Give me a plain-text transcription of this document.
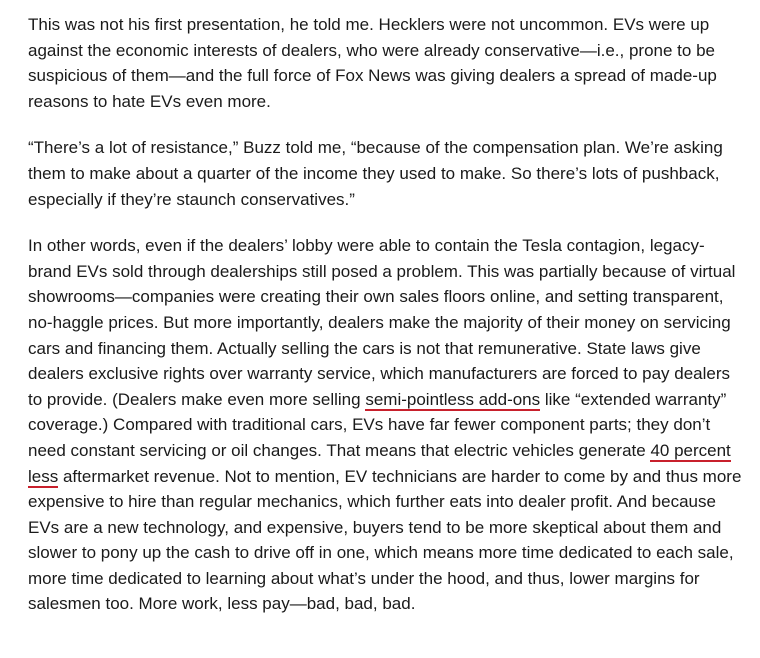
This was not his first presentation, he told me. Hecklers were not uncommon. EVs were up against the economic interests of dealers, who were already conservative—i.e., prone to be suspicious of them—and the full force of Fox News was giving dealers a spread of made-up reasons to hate EVs even more.

“There’s a lot of resistance,” Buzz told me, “because of the compensation plan. We’re asking them to make about a quarter of the income they used to make. So there’s lots of pushback, especially if they’re staunch conservatives.”

In other words, even if the dealers’ lobby were able to contain the Tesla contagion, legacy-brand EVs sold through dealerships still posed a problem. This was partially because of virtual showrooms—companies were creating their own sales floors online, and setting transparent, no-haggle prices. But more importantly, dealers make the majority of their money on servicing cars and financing them. Actually selling the cars is not that remunerative. State laws give dealers exclusive rights over warranty service, which manufacturers are forced to pay dealers to provide. (Dealers make even more selling semi-pointless add-ons like “extended warranty” coverage.) Compared with traditional cars, EVs have far fewer component parts; they don’t need constant servicing or oil changes. That means that electric vehicles generate 40 percent less aftermarket revenue. Not to mention, EV technicians are harder to come by and thus more expensive to hire than regular mechanics, which further eats into dealer profit. And because EVs are a new technology, and expensive, buyers tend to be more skeptical about them and slower to pony up the cash to drive off in one, which means more time dedicated to each sale, more time dedicated to learning about what’s under the hood, and thus, lower margins for salesmen too. More work, less pay—bad, bad, bad.
